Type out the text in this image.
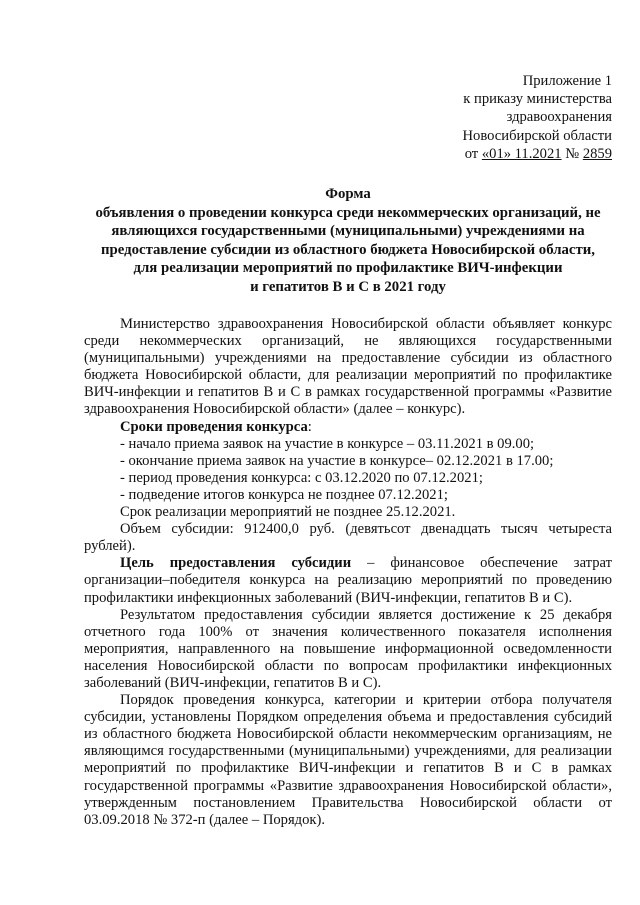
Приложение 1
к приказу министерства
здравоохранения
Новосибирской области
от «01» 11.2021 № 2859
Форма
объявления о проведении конкурса среди некоммерческих организаций, не
являющихся государственными (муниципальными) учреждениями на
предоставление субсидии из областного бюджета Новосибирской области,
для реализации мероприятий по профилактике ВИЧ-инфекции
и гепатитов В и С в 2021 году

Министерство здравоохранения Новосибирской области объявляет конкурс среди некоммерческих организаций, не являющихся государственными (муниципальными) учреждениями на предоставление субсидии из областного бюджета Новосибирской области, для реализации мероприятий по профилактике ВИЧ-инфекции и гепатитов В и С в рамках государственной программы «Развитие здравоохранения Новосибирской области» (далее – конкурс).

Сроки проведения конкурса:

- начало приема заявок на участие в конкурсе – 03.11.2021 в 09.00;

- окончание приема заявок на участие в конкурсе– 02.12.2021 в 17.00;

- период проведения конкурса: с 03.12.2020 по 07.12.2021;

- подведение итогов конкурса не позднее 07.12.2021;

Срок реализации мероприятий не позднее 25.12.2021.

Объем субсидии: 912400,0 руб. (девятьсот двенадцать тысяч четыреста рублей).

Цель предоставления субсидии – финансовое обеспечение затрат организации–победителя конкурса на реализацию мероприятий по проведению профилактики инфекционных заболеваний (ВИЧ-инфекции, гепатитов В и С).

Результатом предоставления субсидии является достижение к 25 декабря отчетного года 100% от значения количественного показателя исполнения мероприятия, направленного на повышение информационной осведомленности населения Новосибирской области по вопросам профилактики инфекционных заболеваний (ВИЧ-инфекции, гепатитов В и С).

Порядок проведения конкурса, категории и критерии отбора получателя субсидии, установлены Порядком определения объема и предоставления субсидий из областного бюджета Новосибирской области некоммерческим организациям, не являющимся государственными (муниципальными) учреждениями, для реализации мероприятий по профилактике ВИЧ-инфекции и гепатитов В и С в рамках государственной программы «Развитие здравоохранения Новосибирской области», утвержденным постановлением Правительства Новосибирской области от 03.09.2018 № 372-п (далее – Порядок).
